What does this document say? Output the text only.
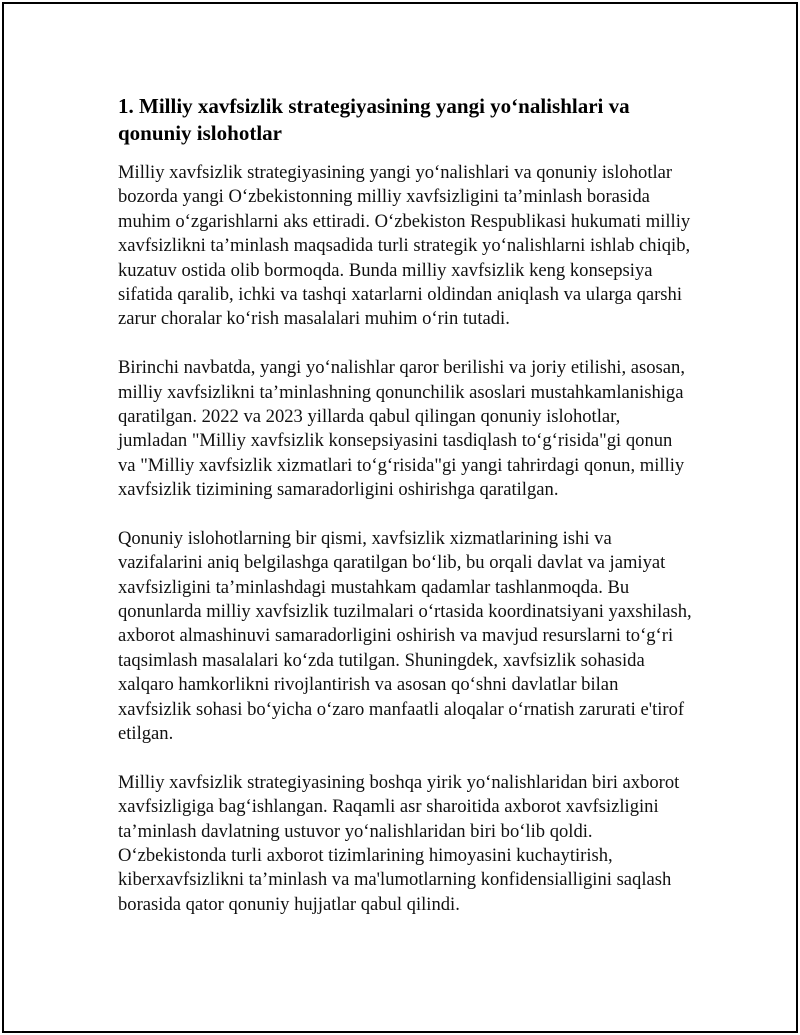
1. Milliy xavfsizlik strategiyasining yangi yo‘nalishlari va
qonuniy islohotlar
Milliy xavfsizlik strategiyasining yangi yo‘nalishlari va qonuniy islohotlar
bozorda yangi O‘zbekistonning milliy xavfsizligini ta’minlash borasida
muhim o‘zgarishlarni aks ettiradi. O‘zbekiston Respublikasi hukumati milliy
xavfsizlikni ta’minlash maqsadida turli strategik yo‘nalishlarni ishlab chiqib,
kuzatuv ostida olib bormoqda. Bunda milliy xavfsizlik keng konsepsiya
sifatida qaralib, ichki va tashqi xatarlarni oldindan aniqlash va ularga qarshi
zarur choralar ko‘rish masalalari muhim o‘rin tutadi.
Birinchi navbatda, yangi yo‘nalishlar qaror berilishi va joriy etilishi, asosan,
milliy xavfsizlikni ta’minlashning qonunchilik asoslari mustahkamlanishiga
qaratilgan. 2022 va 2023 yillarda qabul qilingan qonuniy islohotlar,
jumladan "Milliy xavfsizlik konsepsiyasini tasdiqlash to‘g‘risida"gi qonun
va "Milliy xavfsizlik xizmatlari to‘g‘risida"gi yangi tahrirdagi qonun, milliy
xavfsizlik tizimining samaradorligini oshirishga qaratilgan.
Qonuniy islohotlarning bir qismi, xavfsizlik xizmatlarining ishi va
vazifalarini aniq belgilashga qaratilgan bo‘lib, bu orqali davlat va jamiyat
xavfsizligini ta’minlashdagi mustahkam qadamlar tashlanmoqda. Bu
qonunlarda milliy xavfsizlik tuzilmalari o‘rtasida koordinatsiyani yaxshilash,
axborot almashinuvi samaradorligini oshirish va mavjud resurslarni to‘g‘ri
taqsimlash masalalari ko‘zda tutilgan. Shuningdek, xavfsizlik sohasida
xalqaro hamkorlikni rivojlantirish va asosan qo‘shni davlatlar bilan
xavfsizlik sohasi bo‘yicha o‘zaro manfaatli aloqalar o‘rnatish zarurati e'tirof
etilgan.
Milliy xavfsizlik strategiyasining boshqa yirik yo‘nalishlaridan biri axborot
xavfsizligiga bag‘ishlangan. Raqamli asr sharoitida axborot xavfsizligini
ta’minlash davlatning ustuvor yo‘nalishlaridan biri bo‘lib qoldi.
O‘zbekistonda turli axborot tizimlarining himoyasini kuchaytirish,
kiberxavfsizlikni ta’minlash va ma'lumotlarning konfidensialligini saqlash
borasida qator qonuniy hujjatlar qabul qilindi.
